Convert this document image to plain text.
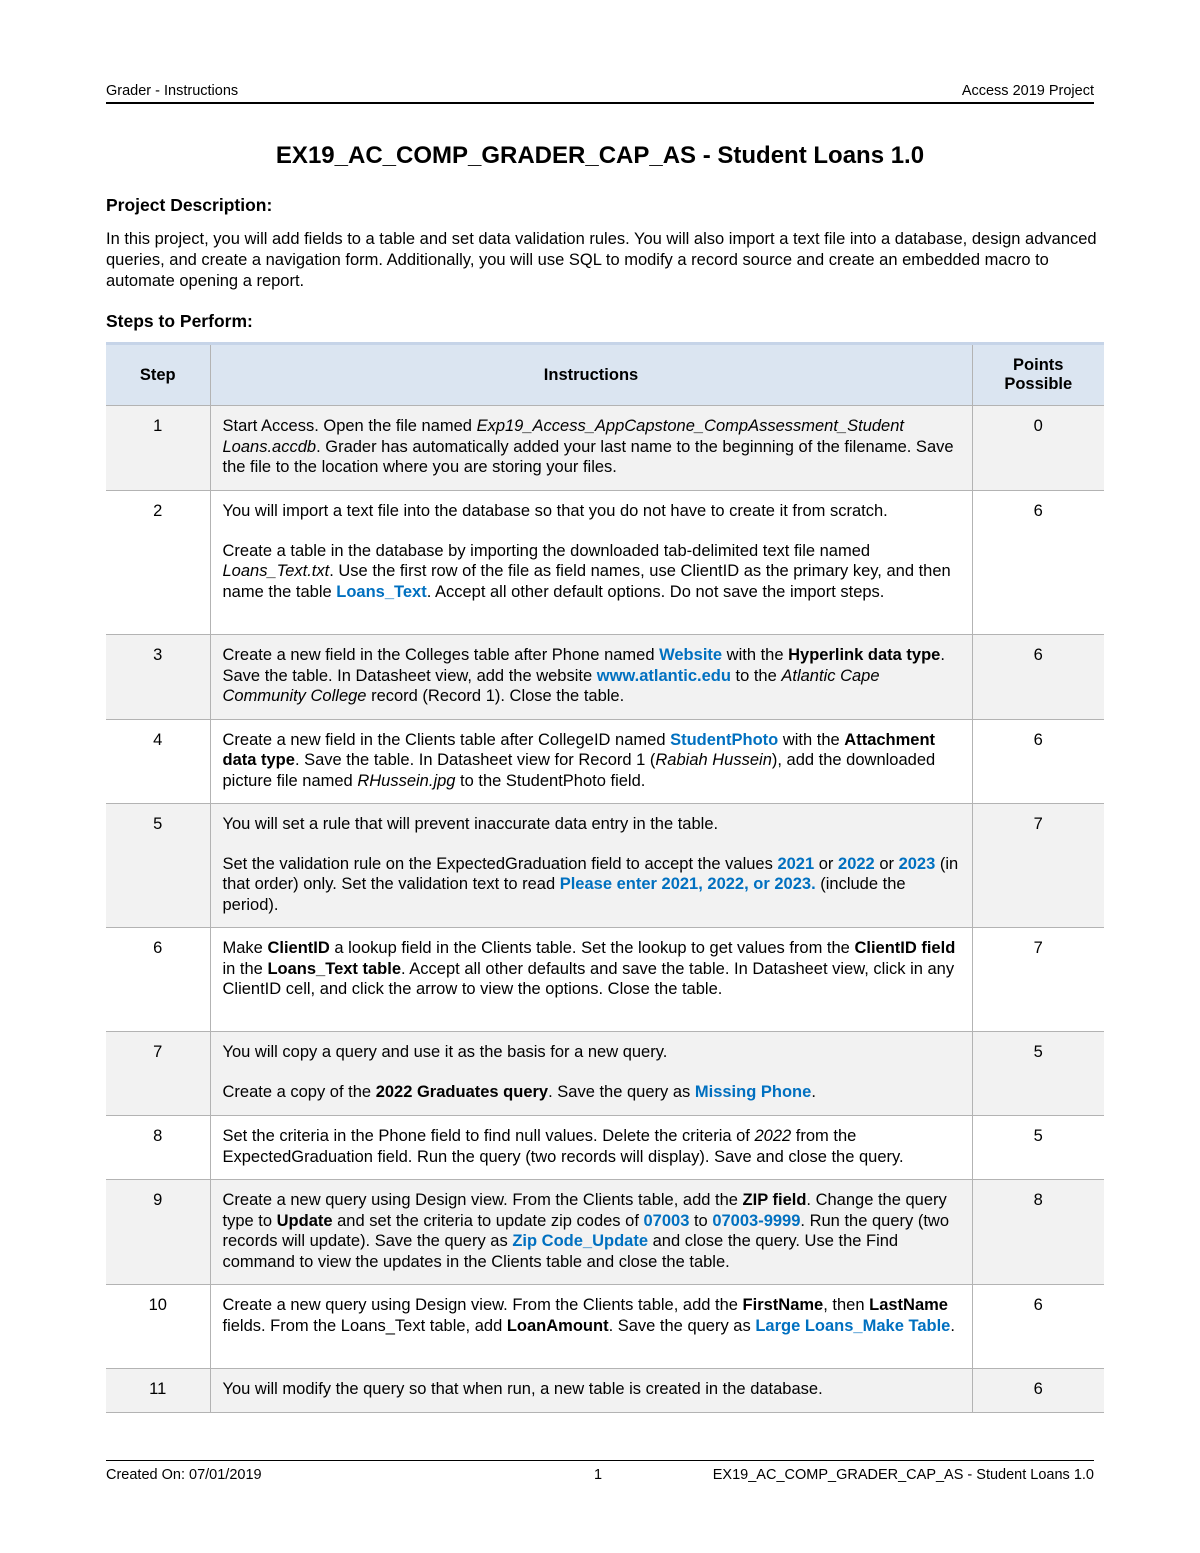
Grader - Instructions	Access 2019 Project
EX19_AC_COMP_GRADER_CAP_AS - Student Loans 1.0
Project Description:
In this project, you will add fields to a table and set data validation rules. You will also import a text file into a database, design advanced queries, and create a navigation form. Additionally, you will use SQL to modify a record source and create an embedded macro to automate opening a report.
Steps to Perform:
Step	Instructions	Points
Possible
1	Start Access. Open the file named Exp19_Access_AppCapstone_CompAssessment_Student Loans.accdb. Grader has automatically added your last name to the beginning of the filename. Save the file to the location where you are storing your files.	0
2	You will import a text file into the database so that you do not have to create it from scratch.
Create a table in the database by importing the downloaded tab-delimited text file named Loans_Text.txt. Use the first row of the file as field names, use ClientID as the primary key, and then name the table Loans_Text. Accept all other default options. Do not save the import steps.	6
3	Create a new field in the Colleges table after Phone named Website with the Hyperlink data type. Save the table. In Datasheet view, add the website www.atlantic.edu to the Atlantic Cape Community College record (Record 1). Close the table.	6
4	Create a new field in the Clients table after CollegeID named StudentPhoto with the Attachment data type. Save the table. In Datasheet view for Record 1 (Rabiah Hussein), add the downloaded picture file named RHussein.jpg to the StudentPhoto field.	6
5	You will set a rule that will prevent inaccurate data entry in the table.
Set the validation rule on the ExpectedGraduation field to accept the values 2021 or 2022 or 2023 (in that order) only. Set the validation text to read Please enter 2021, 2022, or 2023. (include the period).	7
6	Make ClientID a lookup field in the Clients table. Set the lookup to get values from the ClientID field in the Loans_Text table. Accept all other defaults and save the table. In Datasheet view, click in any ClientID cell, and click the arrow to view the options. Close the table.	7
7	You will copy a query and use it as the basis for a new query.
Create a copy of the 2022 Graduates query. Save the query as Missing Phone.	5
8	Set the criteria in the Phone field to find null values. Delete the criteria of 2022 from the ExpectedGraduation field. Run the query (two records will display). Save and close the query.	5
9	Create a new query using Design view. From the Clients table, add the ZIP field. Change the query type to Update and set the criteria to update zip codes of 07003 to 07003-9999. Run the query (two records will update). Save the query as Zip Code_Update and close the query. Use the Find command to view the updates in the Clients table and close the table.	8
10	Create a new query using Design view. From the Clients table, add the FirstName, then LastName fields. From the Loans_Text table, add LoanAmount. Save the query as Large Loans_Make Table.	6
11	You will modify the query so that when run, a new table is created in the database.	6
Created On: 07/01/2019	1	EX19_AC_COMP_GRADER_CAP_AS - Student Loans 1.0
